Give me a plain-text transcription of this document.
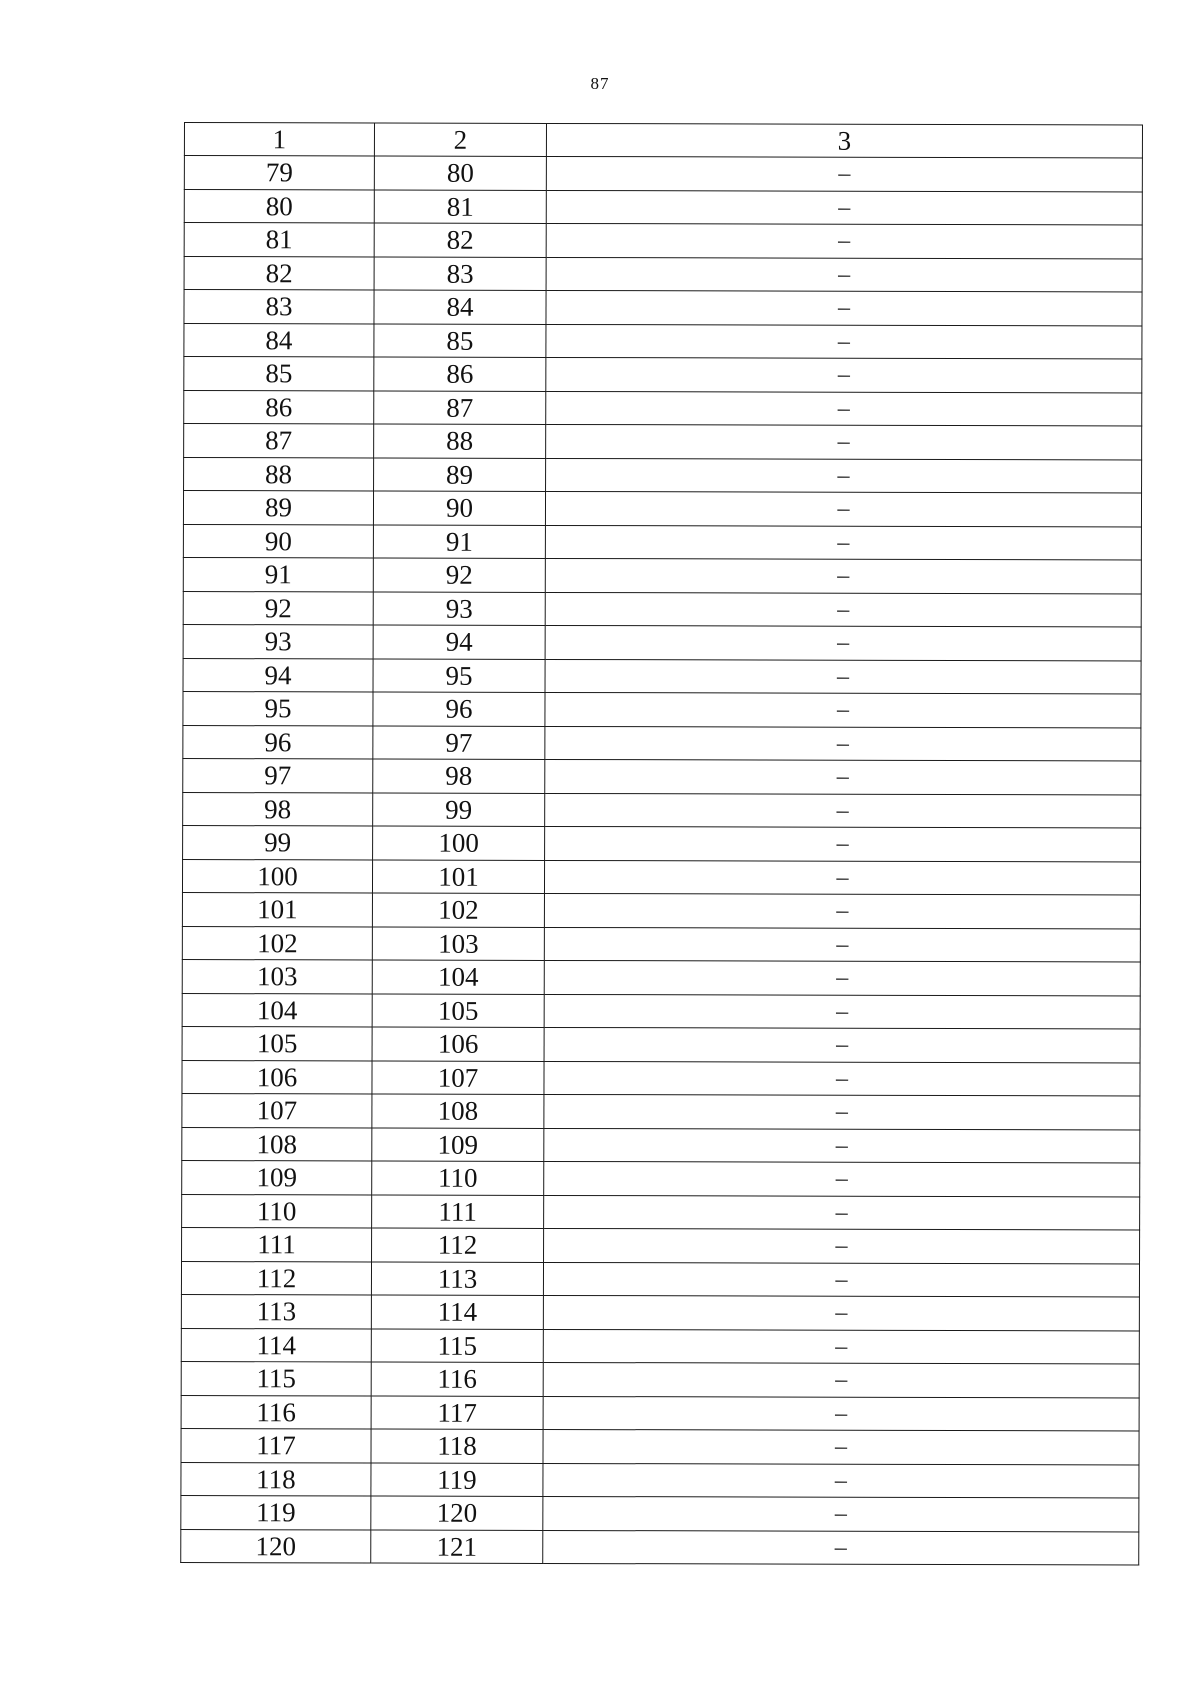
87
1	2	3
79	80	–
80	81	–
81	82	–
82	83	–
83	84	–
84	85	–
85	86	–
86	87	–
87	88	–
88	89	–
89	90	–
90	91	–
91	92	–
92	93	–
93	94	–
94	95	–
95	96	–
96	97	–
97	98	–
98	99	–
99	100	–
100	101	–
101	102	–
102	103	–
103	104	–
104	105	–
105	106	–
106	107	–
107	108	–
108	109	–
109	110	–
110	111	–
111	112	–
112	113	–
113	114	–
114	115	–
115	116	–
116	117	–
117	118	–
118	119	–
119	120	–
120	121	–
